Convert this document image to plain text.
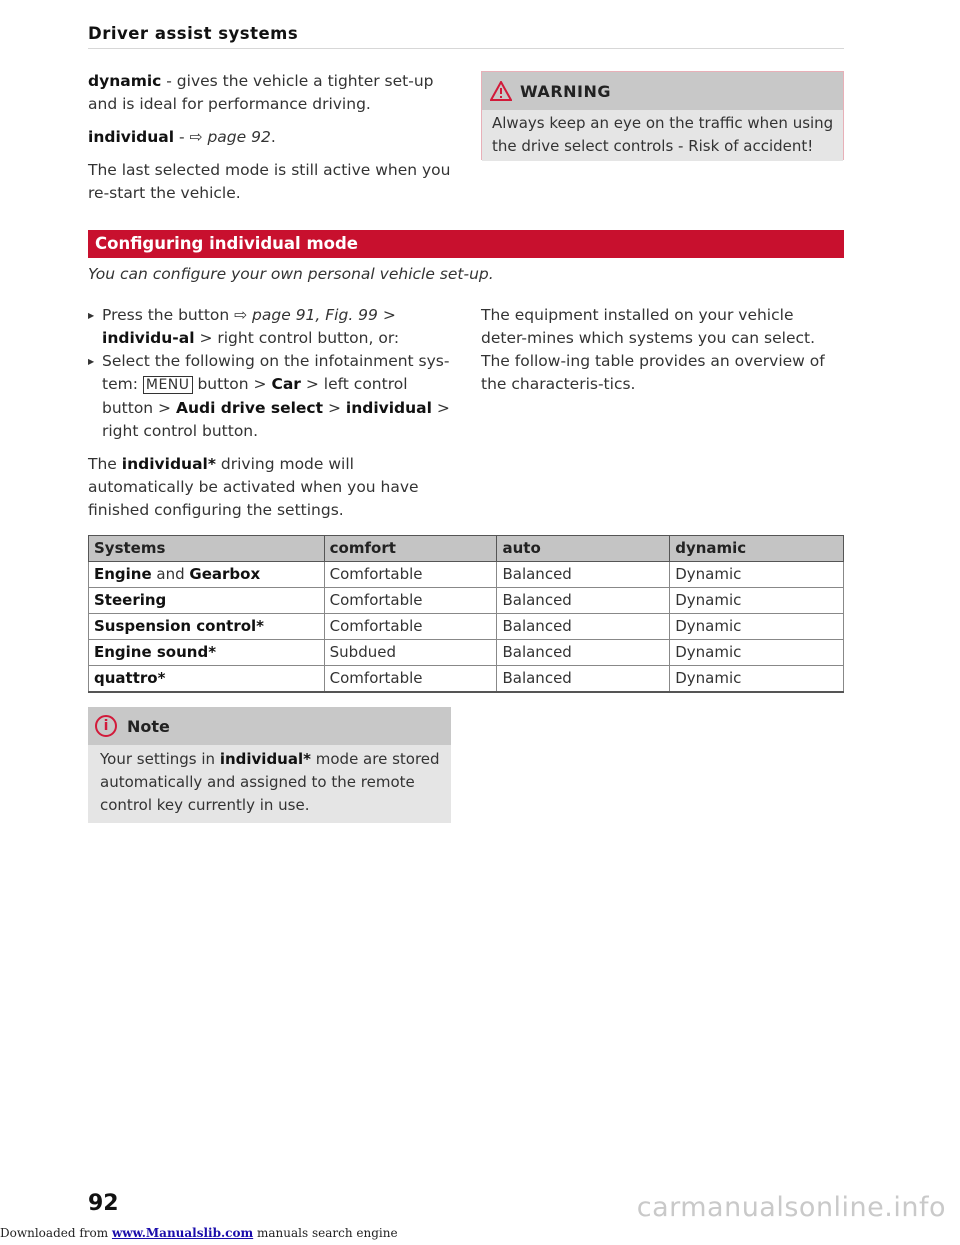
Driver assist systems

dynamic - gives the vehicle a tighter set-up and is ideal for performance driving.

individual - ⇨ page 92.

The last selected mode is still active when you re-start the vehicle.

WARNING
Always keep an eye on the traffic when using the drive select controls - Risk of accident!
Configuring individual mode
You can configure your own personal vehicle set-up.

▶ Press the button ⇨ page 91, Fig. 99 > individu-al > right control button, or:

▶ Select the following on the infotainment sys-tem: MENU button > Car > left control button > Audi drive select > individual > right control button.

The individual* driving mode will automatically be activated when you have finished configuring the settings.

The equipment installed on your vehicle deter-mines which systems you can select. The follow-ing table provides an overview of the characteris-tics.
Systems	comfort	auto	dynamic
Engine and Gearbox	Comfortable	Balanced	Dynamic
Steering	Comfortable	Balanced	Dynamic
Suspension control*	Comfortable	Balanced	Dynamic
Engine sound*	Subdued	Balanced	Dynamic
quattro*	Comfortable	Balanced	Dynamic
i	Note
Your settings in individual* mode are stored automatically and assigned to the remote control key currently in use.
92
Downloaded from www.Manualslib.com manuals search engine
carmanualsonline.info
